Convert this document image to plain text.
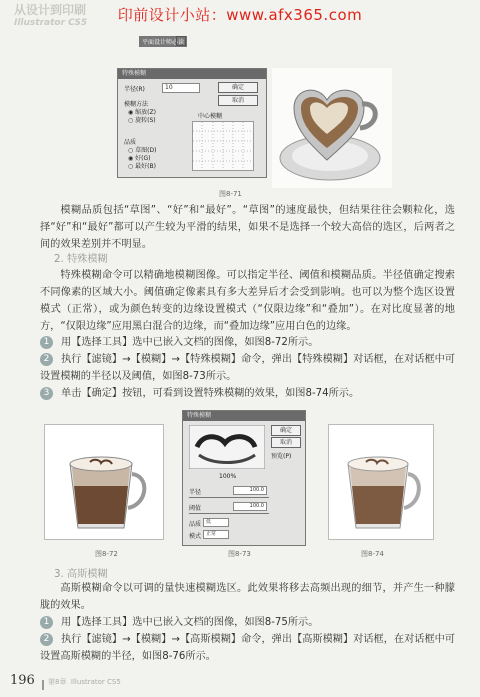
印前设计小站：www.afx365.com
从设计到印刷
Illustrator CS5
平面设计师必读
特殊模糊
半径(R)	10	确定
取消
模糊方法
◉ 缩放(Z)
○ 旋转(S)
品质
○ 草图(D)
◉ 好(G)
○ 最好(B)
中心模糊
图8-71
模糊品质包括“草图”、“好”和“最好”。“草图”的速度最快，但结果往往会颗粒化，选择“好”和“最好”都可以产生较为平滑的结果，如果不是选择一个较大高倍的选区，后两者之间的效果差别并不明显。
2. 特殊模糊
特殊模糊命令可以精确地模糊图像。可以指定半径、阈值和模糊品质。半径值确定搜索不同像素的区域大小。阈值确定像素具有多大差异后才会受到影响。也可以为整个选区设置模式（正常），或为颜色转变的边缘设置模式（“仅限边缘”和“叠加”）。在对比度显著的地方，“仅限边缘”应用黑白混合的边缘，而“叠加边缘”应用白色的边缘。
1 用【选择工具】选中已嵌入文档的图像，如图8-72所示。
2 执行【滤镜】→【模糊】→【特殊模糊】命令，弹出【特殊模糊】对话框，在对话框中可设置模糊的半径以及阈值，如图8-73所示。
3 单击【确定】按钮，可看到设置特殊模糊的效果，如图8-74所示。
图8-72
特殊模糊
确定
取消
预览(P)
100%
半径	100.0
阈值	100.0
品质 低
模式 正常
图8-73	图8-74
3. 高斯模糊
高斯模糊命令以可调的量快速模糊选区。此效果将移去高频出现的细节，并产生一种朦胧的效果。
1 用【选择工具】选中已嵌入文档的图像，如图8-75所示。
2 执行【滤镜】→【模糊】→【高斯模糊】命令，弹出【高斯模糊】对话框，在对话框中可设置高斯模糊的半径，如图8-76所示。
196 第8章 Illustrator CS5
